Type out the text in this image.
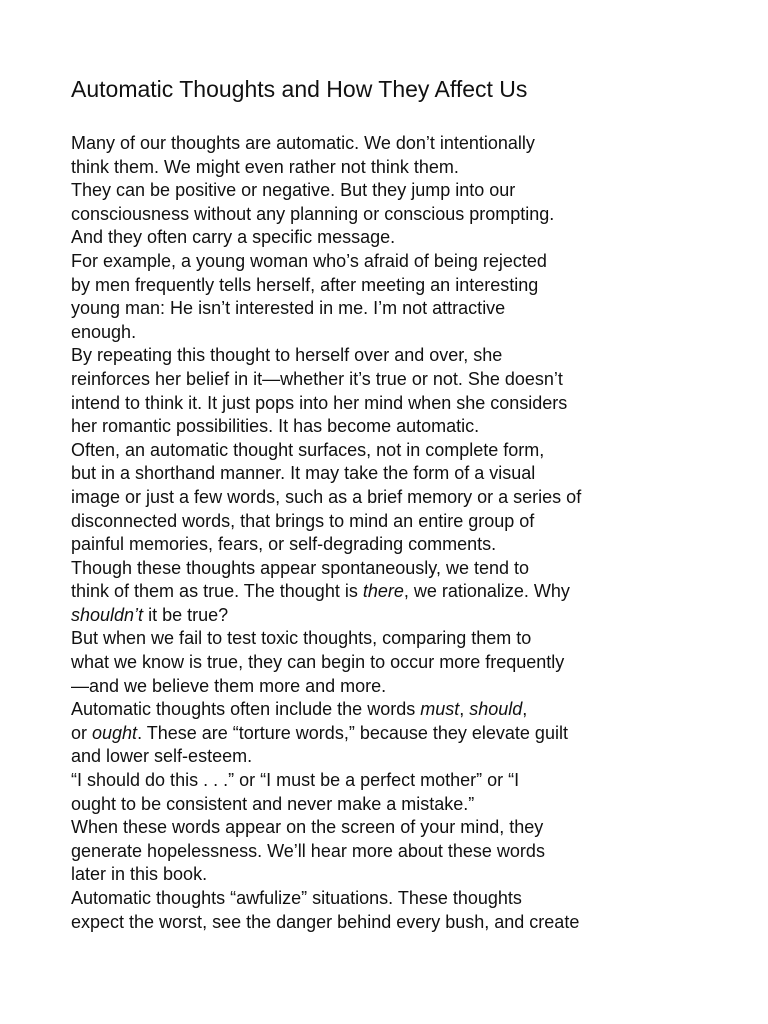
Automatic Thoughts and How They Affect Us
Many of our thoughts are automatic. We don’t intentionally
think them. We might even rather not think them.
They can be positive or negative. But they jump into our
consciousness without any planning or conscious prompting.
And they often carry a specific message.
For example, a young woman who’s afraid of being rejected
by men frequently tells herself, after meeting an interesting
young man: He isn’t interested in me. I’m not attractive
enough.
By repeating this thought to herself over and over, she
reinforces her belief in it—whether it’s true or not. She doesn’t
intend to think it. It just pops into her mind when she considers
her romantic possibilities. It has become automatic.
Often, an automatic thought surfaces, not in complete form,
but in a shorthand manner. It may take the form of a visual
image or just a few words, such as a brief memory or a series of
disconnected words, that brings to mind an entire group of
painful memories, fears, or self-degrading comments.
Though these thoughts appear spontaneously, we tend to
think of them as true. The thought is there, we rationalize. Why
shouldn’t it be true?
But when we fail to test toxic thoughts, comparing them to
what we know is true, they can begin to occur more frequently
—and we believe them more and more.
Automatic thoughts often include the words must, should,
or ought. These are “torture words,” because they elevate guilt
and lower self-esteem.
“I should do this . . .” or “I must be a perfect mother” or “I
ought to be consistent and never make a mistake.”
When these words appear on the screen of your mind, they
generate hopelessness. We’ll hear more about these words
later in this book.
Automatic thoughts “awfulize” situations. These thoughts
expect the worst, see the danger behind every bush, and create
